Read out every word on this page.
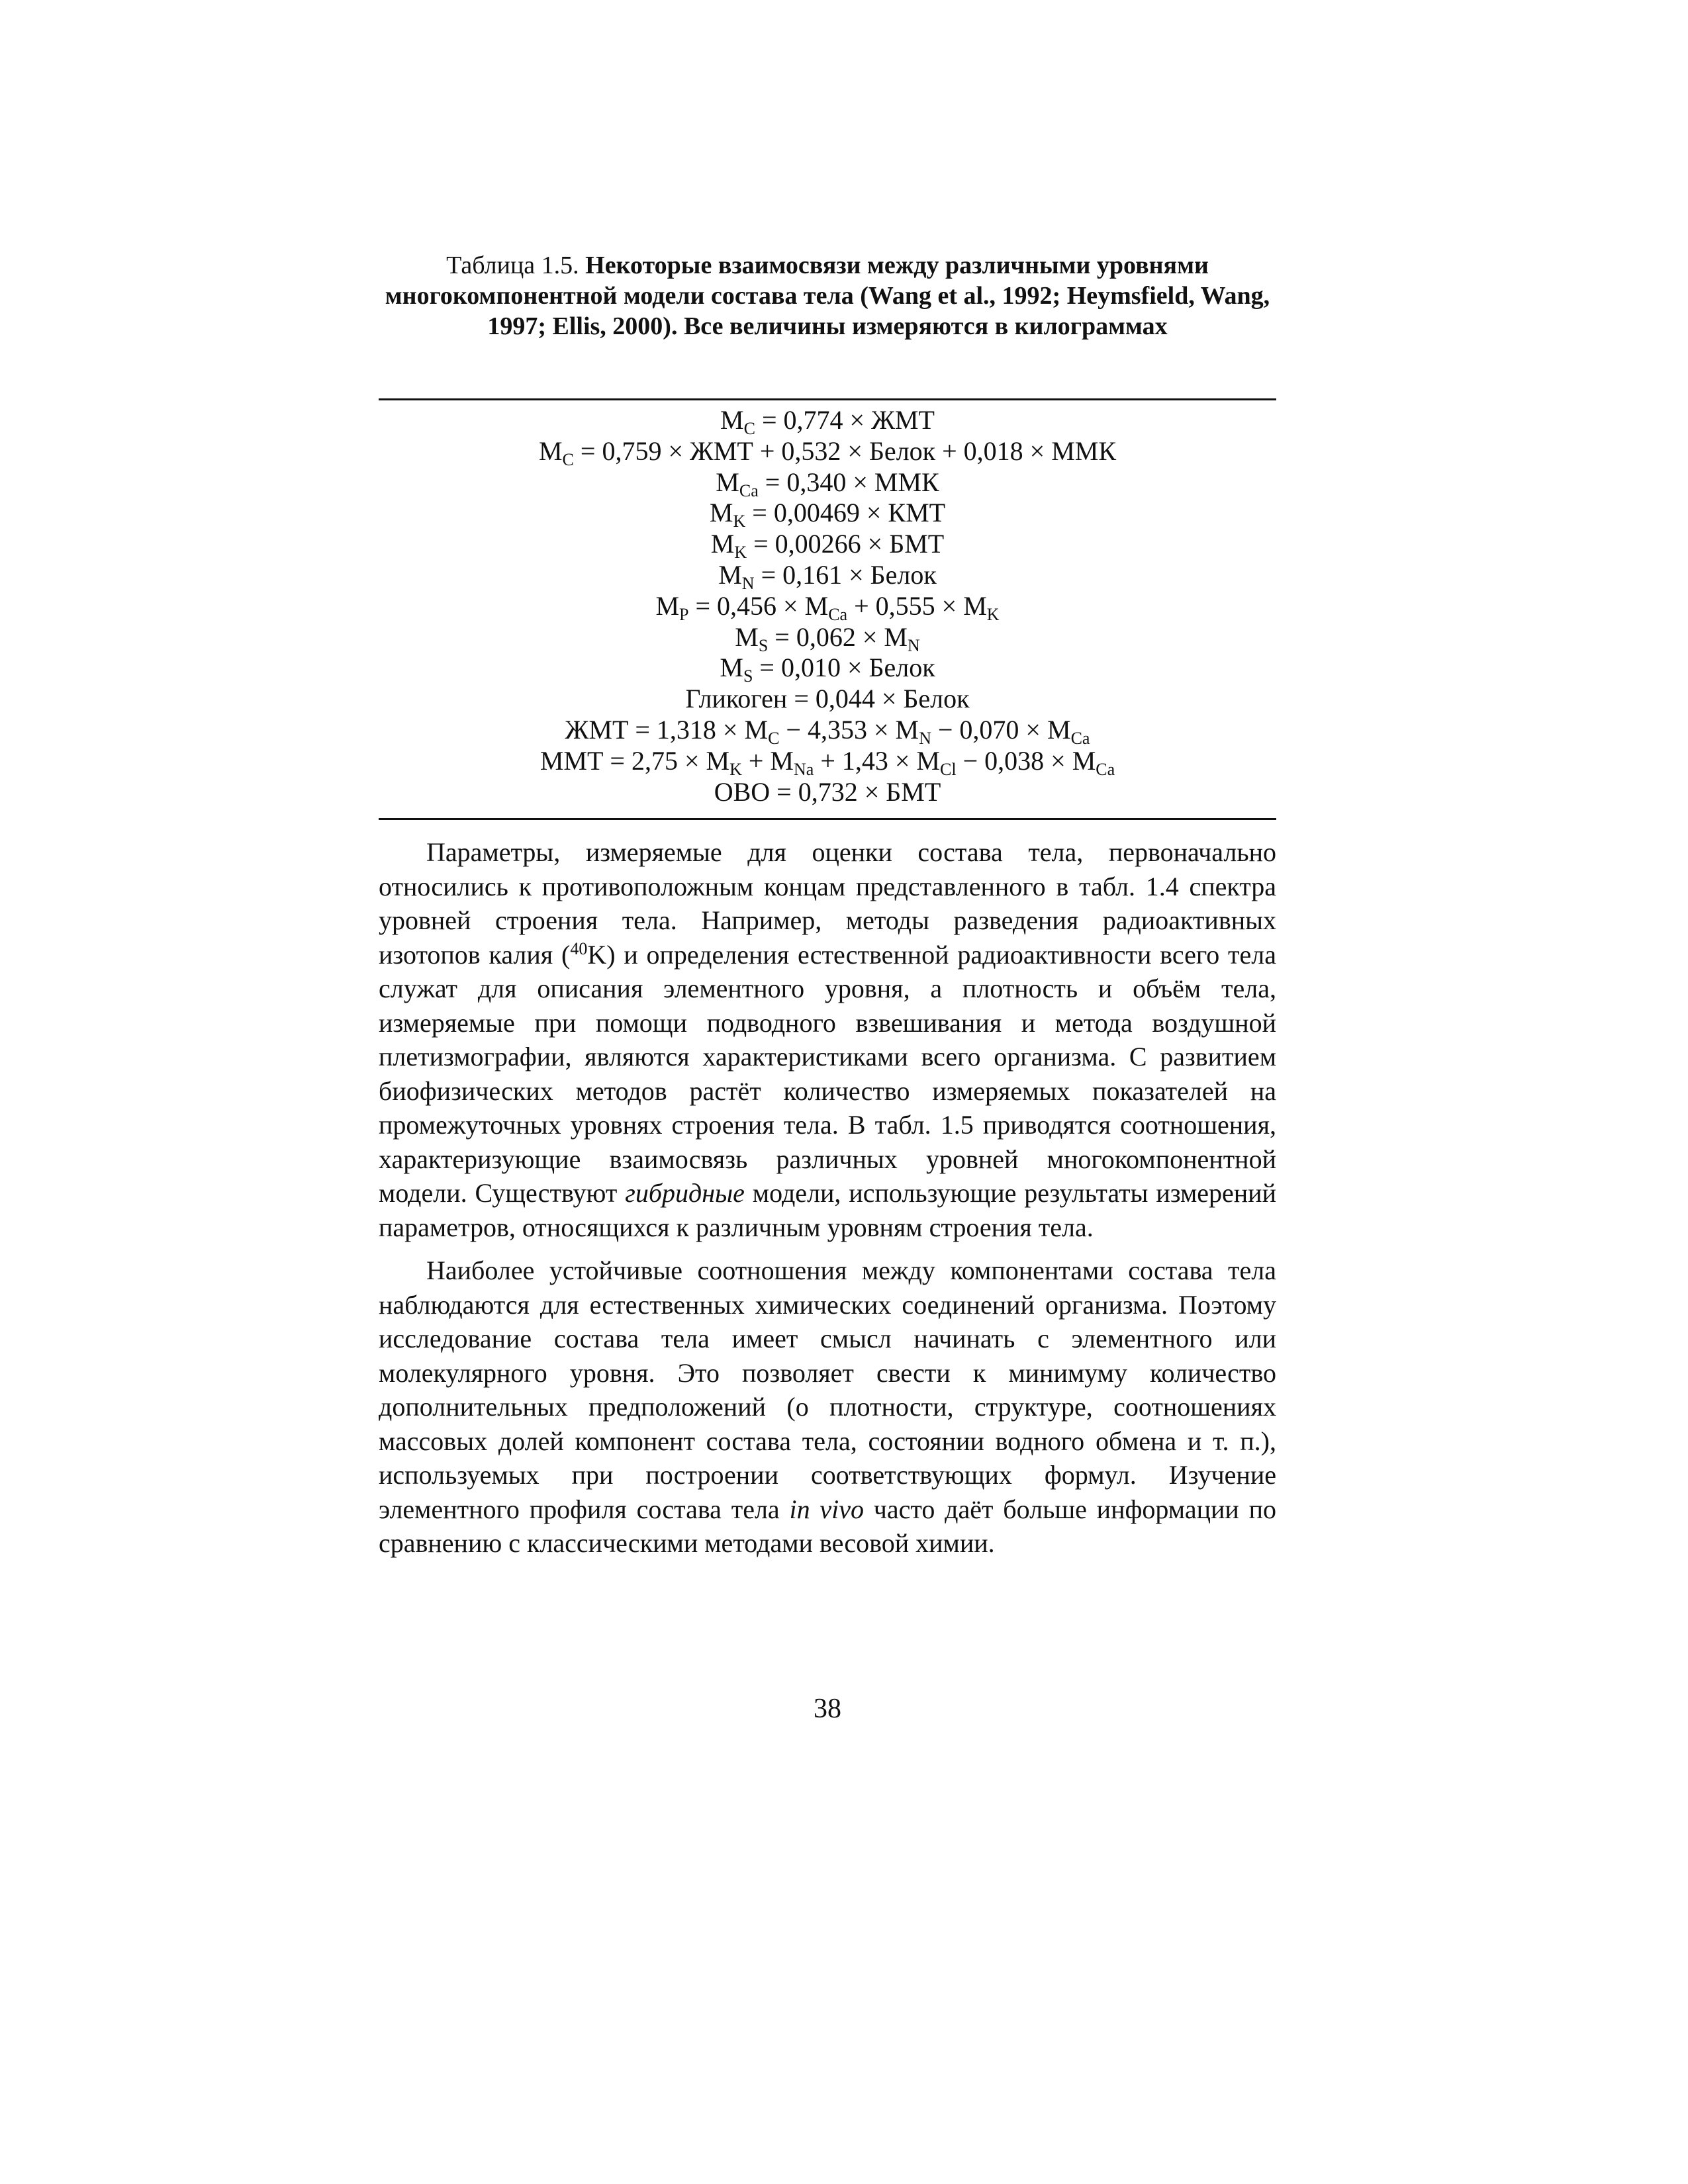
Таблица 1.5. Некоторые взаимосвязи между различными уровнями многокомпонентной модели состава тела (Wang et al., 1992; Heymsfield, Wang, 1997; Ellis, 2000). Все величины измеряются в килограммах
$M_C = 0,774$ × ЖМТ
$M_C = 0,759$ × ЖМТ + 0,532 × Белок + 0,018 × ММК
$M_{Ca} = 0,340$ × ММК
$M_K = 0,00469$ × КМТ
$M_K = 0,00266$ × БМТ
$M_N = 0,161$ × Белок
$M_P = 0,456 \times M_{Ca} + 0,555 \times M_K$
$M_S = 0,062 \times M_N$
$M_S = 0,010$ × Белок
Гликоген = 0,044 × Белок
ЖМТ = $1,318 \times M_C - 4,353 \times M_N - 0,070 \times M_{Ca}$
ММТ = $2,75 \times M_K + M_{Na} + 1,43 \times M_{Cl} - 0,038 \times M_{Ca}$
ОВО = 0,732 × БМТ

Параметры, измеряемые для оценки состава тела, первоначально относились к противоположным концам представленного в табл. 1.4 спектра уровней строения тела. Например, методы разведения радиоактивных изотопов калия ($^{40}$K) и определения естественной радиоактивности всего тела служат для описания элементного уровня, а плотность и объём тела, измеряемые при помощи подводного взвешивания и метода воздушной плетизмографии, являются характеристиками всего организма. С развитием биофизических методов растёт количество измеряемых показателей на промежуточных уровнях строения тела. В табл. 1.5 приводятся соотношения, характеризующие взаимосвязь различных уровней многокомпонентной модели. Существуют гибридные модели, использующие результаты измерений параметров, относящихся к различным уровням строения тела.

Наиболее устойчивые соотношения между компонентами состава тела наблюдаются для естественных химических соединений организма. Поэтому исследование состава тела имеет смысл начинать с элементного или молекулярного уровня. Это позволяет свести к минимуму количество дополнительных предположений (о плотности, структуре, соотношениях массовых долей компонент состава тела, состоянии водного обмена и т. п.), используемых при построении соответствующих формул. Изучение элементного профиля состава тела in vivo часто даёт больше информации по сравнению с классическими методами весовой химии.

38
